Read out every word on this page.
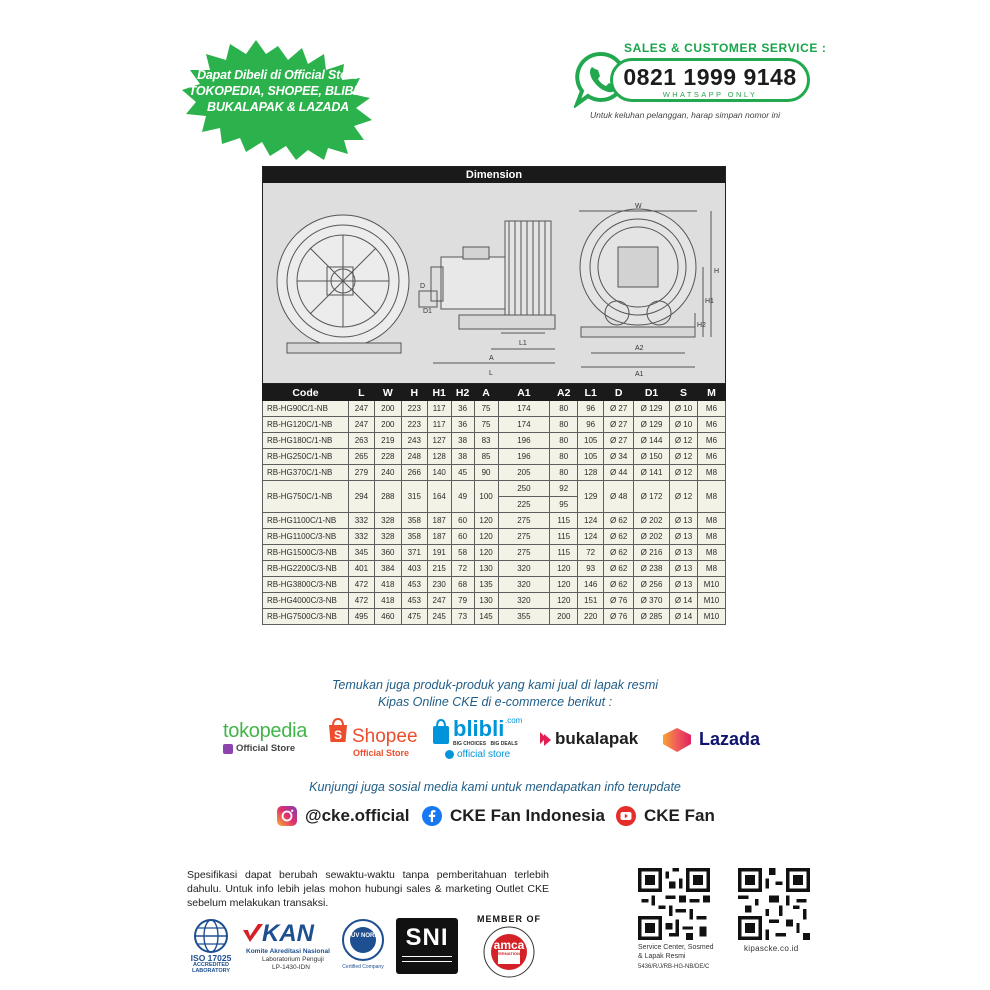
Dapat Dibeli di Official Store
TOKOPEDIA, SHOPEE, BLIBLI,
BUKALAPAK & LAZADA
SALES & CUSTOMER SERVICE :
0821 1999 9148
WHATSAPP ONLY
Untuk keluhan pelanggan, harap simpan nomor ini
Dimension
W
H
A
A1
A2
L1
L
D
D1
H1
H2
Code	L	W	H	H1	H2	A	A1	A2	L1	D	D1	S	M
RB-HG90C/1-NB	247	200	223	117	36	75	174	80	96	Ø 27	Ø 129	Ø 10	M6
RB-HG120C/1-NB	247	200	223	117	36	75	174	80	96	Ø 27	Ø 129	Ø 10	M6
RB-HG180C/1-NB	263	219	243	127	38	83	196	80	105	Ø 27	Ø 144	Ø 12	M6
RB-HG250C/1-NB	265	228	248	128	38	85	196	80	105	Ø 34	Ø 150	Ø 12	M6
RB-HG370C/1-NB	279	240	266	140	45	90	205	80	128	Ø 44	Ø 141	Ø 12	M8
RB-HG750C/1-NB	294	288	315	164	49	100	250	92	129	Ø 48	Ø 172	Ø 12	M8
							225	95					
RB-HG1100C/1-NB	332	328	358	187	60	120	275	115	124	Ø 62	Ø 202	Ø 13	M8
RB-HG1100C/3-NB	332	328	358	187	60	120	275	115	124	Ø 62	Ø 202	Ø 13	M8
RB-HG1500C/3-NB	345	360	371	191	58	120	275	115	72	Ø 62	Ø 216	Ø 13	M8
RB-HG2200C/3-NB	401	384	403	215	72	130	320	120	93	Ø 62	Ø 238	Ø 13	M8
RB-HG3800C/3-NB	472	418	453	230	68	135	320	120	146	Ø 62	Ø 256	Ø 13	M10
RB-HG4000C/3-NB	472	418	453	247	79	130	320	120	151	Ø 76	Ø 370	Ø 14	M10
RB-HG7500C/3-NB	495	460	475	245	73	145	355	200	220	Ø 76	Ø 285	Ø 14	M10
Temukan juga produk-produk yang kami jual di lapak resmi
Kipas Online CKE di e-commerce berikut :
tokopedia
Official Store
S Shopee
Official Store
blibli .com
BIG CHOICES BIG DEALS
official store
bukalapak	Lazada
Kunjungi juga sosial media kami untuk mendapatkan info terupdate
@cke.official CKE Fan Indonesia CKE Fan
Spesifikasi dapat berubah sewaktu-waktu tanpa pemberitahuan terlebih dahulu. Untuk info lebih jelas mohon hubungi sales & marketing Outlet CKE sebelum melakukan transaksi.
ISO 17025
ACCREDITED
LABORATORY
KAN
Komite Akreditasi Nasional
Laboratorium Penguji
LP-1430-IDN
TÜV NORD
Certified Company
SNI
MEMBER OF
amca
INTERNATIONAL
Service Center, Sosmed & Lapak Resmi
5436/R/J/RB-HG-NB/DE/C
kipascke.co.id
